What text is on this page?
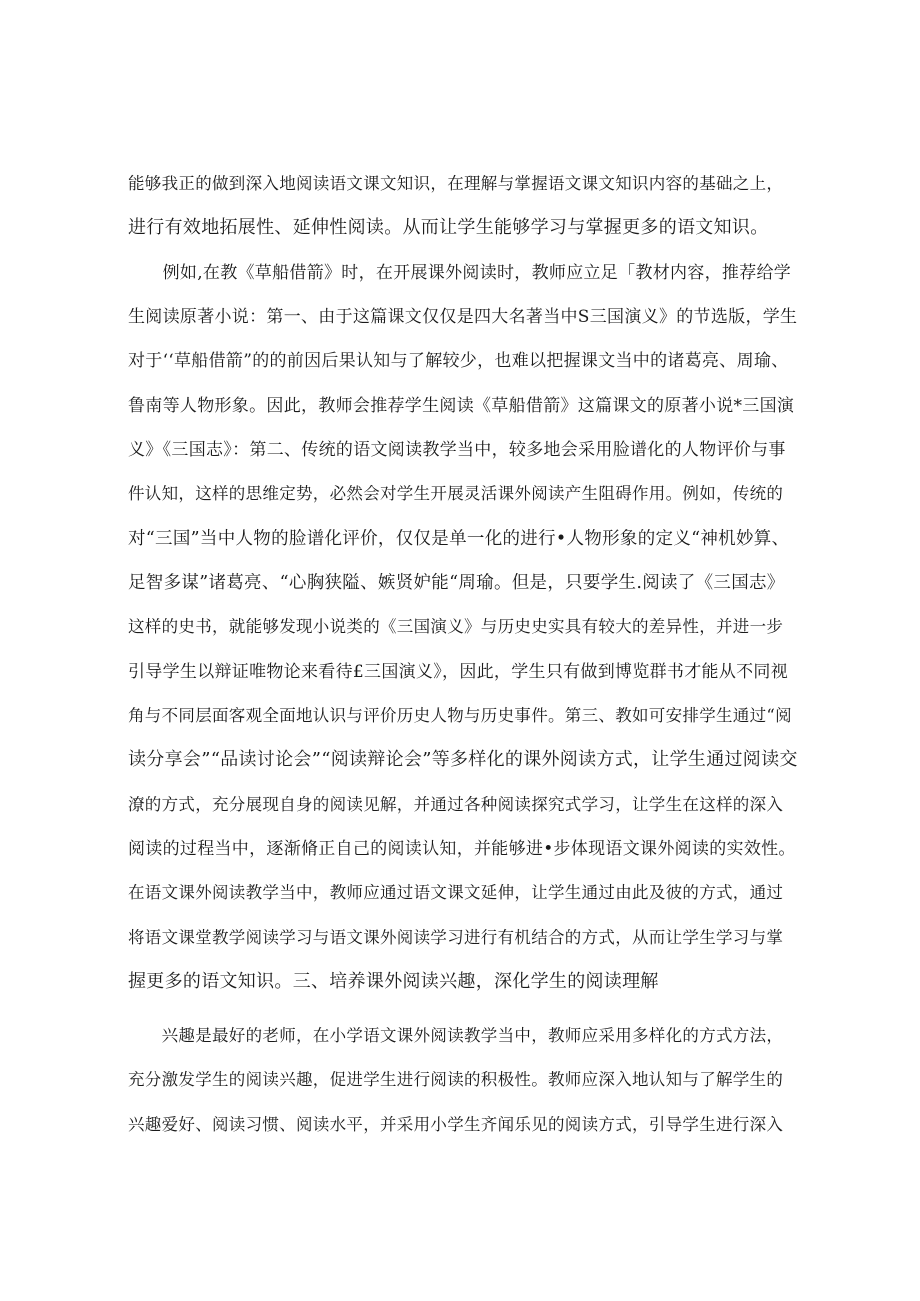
能够我正的做到深入地阅读语文课文知识，在理解与掌握语文课文知识内容的基础之上，
进行有效地拓展性、延伸性阅读。从而让学生能够学习与掌握更多的语文知识。
　　例如,在教《草船借箭》时，在开展课外阅读时，教师应立足「教材内容，推荐给学
生阅读原著小说：第一、由于这篇课文仅仅是四大名著当中S三国演义》的节选版，学生
对于‘‘草船借箭”的的前因后果认知与了解较少，也难以把握课文当中的诸葛亮、周瑜、
鲁南等人物形象。因此，教师会推荐学生阅读《草船借箭》这篇课文的原著小说*三国演
义》《三国志》：第二、传统的语文阅读教学当中，较多地会采用脸谱化的人物评价与事
件认知，这样的思维定势，必然会对学生开展灵活课外阅读产生阻碍作用。例如，传统的
对“三国”当中人物的脸谱化评价，仅仅是单一化的进行•人物形象的定义“神机妙算、
足智多谋”诸葛亮、“心胸狭隘、嫉贤妒能“周瑜。但是，只要学生.阅读了《三国志》
这样的史书，就能够发现小说类的《三国演义》与历史史实具有较大的差异性，并进一步
引导学生以辩证唯物论来看待£三国演义》，因此，学生只有做到博览群书才能从不同视
角与不同层面客观全面地认识与评价历史人物与历史事件。第三、教如可安排学生通过“阅
读分享会”“品读讨论会”“阅读辩论会”等多样化的课外阅读方式，让学生通过阅读交
潦的方式，充分展现自身的阅读见解，并通过各种阅读探究式学习，让学生在这样的深入
阅读的过程当中，逐渐脩正自己的阅读认知，并能够进•步体现语文课外阅读的实效性。
在语文课外阅读教学当中，教师应通过语文课文延伸，让学生通过由此及彼的方式，通过
将语文课堂教学阅读学习与语文课外阅读学习进行有机结合的方式，从而让学生学习与掌
握更多的语文知识。三、培养课外阅读兴趣，深化学生的阅读理解
　　兴趣是最好的老师，在小学语文课外阅读教学当中，教师应采用多样化的方式方法，
充分激发学生的阅读兴趣，促进学生进行阅读的积极性。教师应深入地认知与了解学生的
兴趣爱好、阅读习惯、阅读水平，并采用小学生齐闻乐见的阅读方式，引导学生进行深入
